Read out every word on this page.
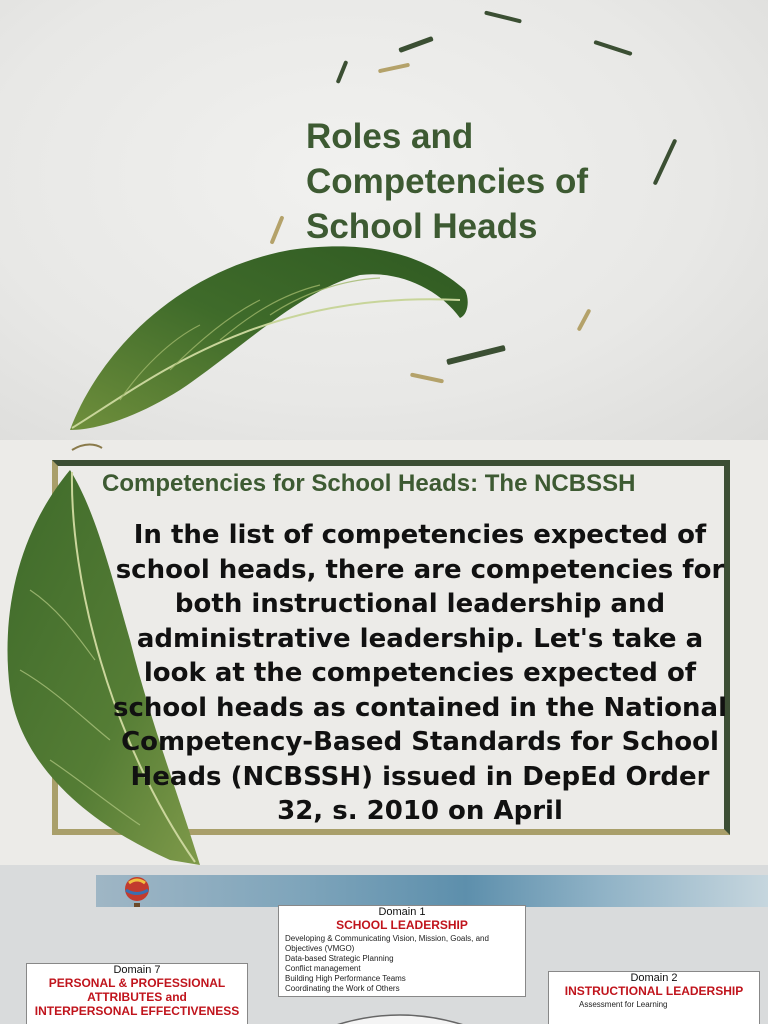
Roles and
Competencies of
School Heads
Competencies for School Heads: The NCBSSH
In the list of competencies expected of school heads, there are competencies for both instructional leadership and administrative leadership. Let's take a look at the competencies expected of school heads as contained in the National Competency-Based Standards for School Heads (NCBSSH) issued in DepEd Order 32, s. 2010 on April
Domain 1
SCHOOL LEADERSHIP
Developing & Communicating Vision, Mission, Goals, and Objectives (VMGO)
Data-based Strategic Planning
Conflict management
Building High Performance Teams
Coordinating the Work of Others
Domain 7
PERSONAL & PROFESSIONAL
ATTRIBUTES and
INTERPERSONAL EFFECTIVENESS
Domain 2
INSTRUCTIONAL LEADERSHIP
Assessment for Learning
